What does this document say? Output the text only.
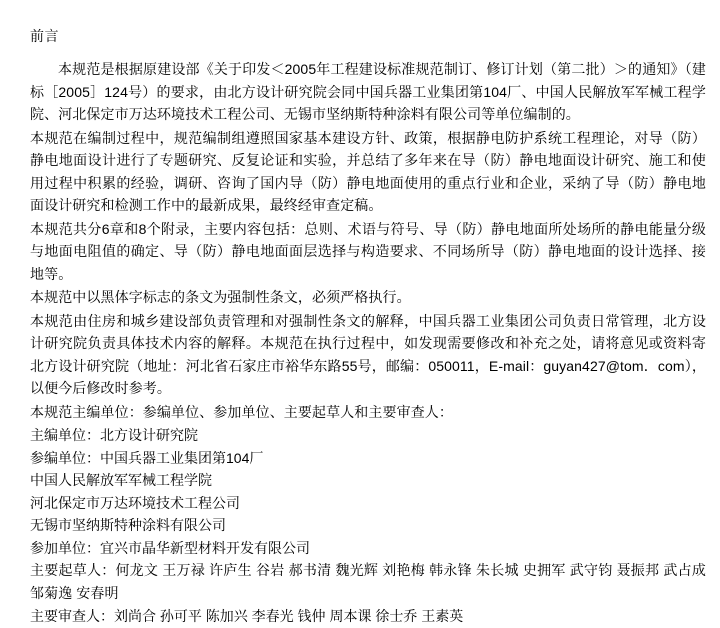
前言

本规范是根据原建设部《关于印发＜2005年工程建设标准规范制订、修订计划（第二批）＞的通知》（建标［2005］124号）的要求，由北方设计研究院会同中国兵器工业集团第104厂、中国人民解放军军械工程学院、河北保定市万达环境技术工程公司、无锡市坚纳斯特种涂料有限公司等单位编制的。

本规范在编制过程中，规范编制组遵照国家基本建设方针、政策，根据静电防护系统工程理论，对导（防）静电地面设计进行了专题研究、反复论证和实验，并总结了多年来在导（防）静电地面设计研究、施工和使用过程中积累的经验，调研、咨询了国内导（防）静电地面使用的重点行业和企业，采纳了导（防）静电地面设计研究和检测工作中的最新成果，最终经审查定稿。

本规范共分6章和8个附录，主要内容包括：总则、术语与符号、导（防）静电地面所处场所的静电能量分级与地面电阻值的确定、导（防）静电地面面层选择与构造要求、不同场所导（防）静电地面的设计选择、接地等。

本规范中以黑体字标志的条文为强制性条文，必须严格执行。

本规范由住房和城乡建设部负责管理和对强制性条文的解释，中国兵器工业集团公司负责日常管理，北方设计研究院负责具体技术内容的解释。本规范在执行过程中，如发现需要修改和补充之处，请将意见或资料寄北方设计研究院（地址：河北省石家庄市裕华东路55号，邮编：050011，E-mail：guyan427@tom．com），以便今后修改时参考。

本规范主编单位：参编单位、参加单位、主要起草人和主要审查人：

主编单位：北方设计研究院

参编单位：中国兵器工业集团第104厂

中国人民解放军军械工程学院

河北保定市万达环境技术工程公司

无锡市坚纳斯特种涂料有限公司

参加单位：宜兴市晶华新型材料开发有限公司

主要起草人：何龙文 王万禄 许庐生 谷岩 郝书清 魏光辉 刘艳梅 韩永锋 朱长城 史拥军 武守钧 聂振邦 武占成 邹菊逸 安春明

主要审查人：刘尚合 孙可平 陈加兴 李春光 钱仲 周本课 徐士乔 王素英
